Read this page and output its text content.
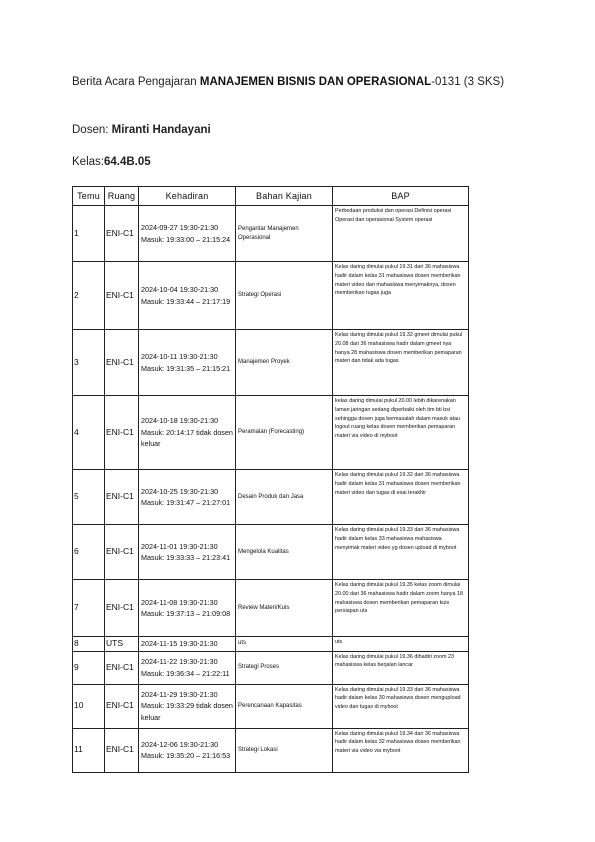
Berita Acara Pengajaran MANAJEMEN BISNIS DAN OPERASIONAL-0131 (3 SKS)
Dosen: Miranti Handayani
Kelas:64.4B.05
Temu	Ruang	Kehadiran	Bahan Kajian	BAP
1	ENI-C1	2024-09-27 19:30-21:30
Masuk: 19:33:00 – 21:15:24	Pengantar Manajemen Operasional	Perbedaan produksi dan operasi Definisi operasi Operasi dan operasional System operasi
2	ENI-C1	2024-10-04 19:30-21:30
Masuk: 19:33:44 – 21:17:19	Strategi Operasi	Kelas daring dimulai pukul 19.31 dari 36 mahasiswa hadir dalam kelas 31 mahasiswa dosen memberikan materi video dan mahasiswa menyimaknya, dosen memberikan tugas juga
3	ENI-C1	2024-10-11 19:30-21:30
Masuk: 19:31:35 – 21:15:21	Manajemen Proyek	Kelas daring dimulai pukul 19.32 gmeet dimulai pukul 20.08 dari 36 mahasiswa hadir dalam gmeet nya hanya 28 mahasiswa dosen memberikan pemaparan materi dan tidak ada tugas
4	ENI-C1	2024-10-18 19:30-21:30
Masuk: 20:14:17 tidak dosen keluar	Peramalan (Forecasting)	kelas daring dimulai pukul 20.00 lebih dikarenakan laman jaringan sedang diperbaiki oleh tim bti bsi sehingga dosen juga bermasalah dalam masuk atau logout ruang kelas dosen memberikan pemaparan materi via video di myboot
5	ENI-C1	2024-10-25 19:30-21:30
Masuk: 19:31:47 – 21:27:01	Desain Produk dan Jasa	Kelas daring dimulai pukul 19.32 dari 36 mahasiswa hadir dalam kelas 31 mahasiswa dosen memberikan materi video dan tugas di esai terakhir
6	ENI-C1	2024-11-01 19:30-21:30
Masuk: 19:33:33 – 21:23:41	Mengelola Kualitas	Kelas daring dimulai pukul 19.33 dari 36 mahasiswa hadir dalam kelas 33 mahasiswa mahasiswa menyimak materi video yg dosen upload di myboot
7	ENI-C1	2024-11-08 19:30-21:30
Masuk: 19:37:13 – 21:09:08	Review Materi/Kuis	Kelas daring dimulai pukul 19.35 kelas zoom dimulai 20.00 dari 36 mahasiswa hadir dalam zoom hanya 18 mahasiswa dosen memberikan pemaparan kuis persiapan uts
8	UTS	2024-11-15 19:30-21:30	uts	uts
9	ENI-C1	2024-11-22 19:30-21:30
Masuk: 19:36:34 – 21:22:11	Strategi Proses	Kelas daring dimulai pukul 19.36 dihadiri zoom 23 mahasiswa kelas berjalan lancar
10	ENI-C1	2024-11-29 19:30-21:30
Masuk: 19:33:29 tidak dosen keluar	Perencanaan Kapasitas	Kelas daring dimulai pukul 19.33 dari 36 mahasiswa hadir dalam kelas 30 mahasiswa dosen mengupload video dan tugas di myboot
11	ENI-C1	2024-12-06 19:30-21:30
Masuk: 19:35:20 – 21:16:53	Strategi Lokasi	Kelas daring dimulai pukul 19.34 dari 36 mahasiswa hadir dalam kelas 32 mahasiswa dosen memberikan materi via video via myboot
